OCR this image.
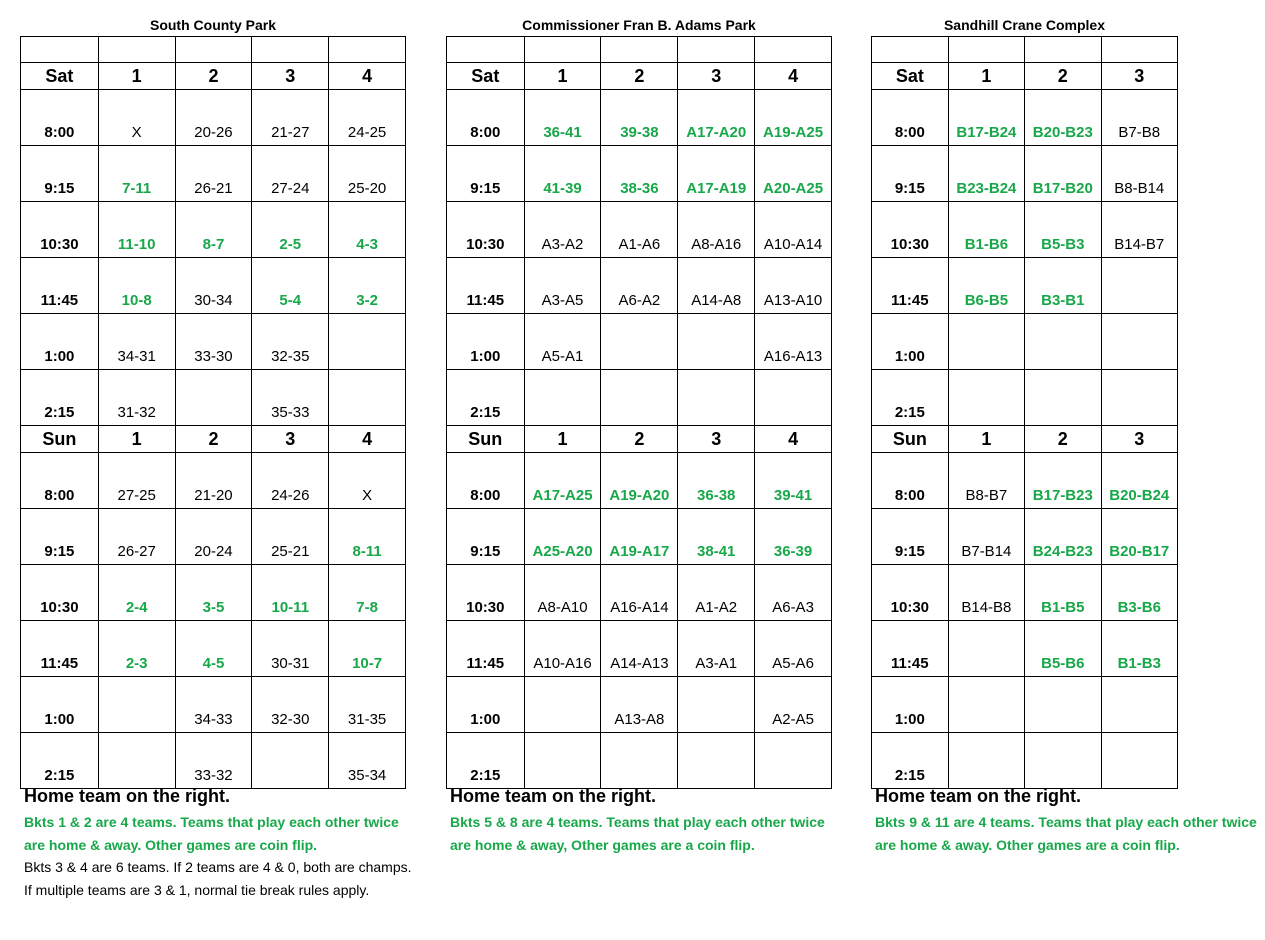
South County Park

Sat	1	2	3	4
8:00	X	20-26	21-27	24-25
9:15	7-11	26-21	27-24	25-20
10:30	11-10	8-7	2-5	4-3
11:45	10-8	30-34	5-4	3-2
1:00	34-31	33-30	32-35	
2:15	31-32		35-33	
Sun	1	2	3	4
8:00	27-25	21-20	24-26	X
9:15	26-27	20-24	25-21	8-11
10:30	2-4	3-5	10-11	7-8
11:45	2-3	4-5	30-31	10-7
1:00		34-33	32-30	31-35
2:15		33-32		35-34
Home team on the right.
Bkts 1 & 2 are 4 teams. Teams that play each other twice are home & away. Other games are coin flip.
Bkts 3 & 4 are 6 teams. If 2 teams are 4 & 0, both are champs. If multiple teams are 3 & 1, normal tie break rules apply.
Commissioner Fran B. Adams Park

Sat	1	2	3	4
8:00	36-41	39-38	A17-A20	A19-A25
9:15	41-39	38-36	A17-A19	A20-A25
10:30	A3-A2	A1-A6	A8-A16	A10-A14
11:45	A3-A5	A6-A2	A14-A8	A13-A10
1:00	A5-A1			A16-A13
2:15				
Sun	1	2	3	4
8:00	A17-A25	A19-A20	36-38	39-41
9:15	A25-A20	A19-A17	38-41	36-39
10:30	A8-A10	A16-A14	A1-A2	A6-A3
11:45	A10-A16	A14-A13	A3-A1	A5-A6
1:00		A13-A8		A2-A5
2:15				
Home team on the right.
Bkts 5 & 8 are 4 teams. Teams that play each other twice are home & away, Other games are a coin flip.
Sandhill Crane Complex

Sat	1	2	3
8:00	B17-B24	B20-B23	B7-B8
9:15	B23-B24	B17-B20	B8-B14
10:30	B1-B6	B5-B3	B14-B7
11:45	B6-B5	B3-B1	
1:00			
2:15			
Sun	1	2	3
8:00	B8-B7	B17-B23	B20-B24
9:15	B7-B14	B24-B23	B20-B17
10:30	B14-B8	B1-B5	B3-B6
11:45		B5-B6	B1-B3
1:00			
2:15			
Home team on the right.
Bkts 9 & 11 are 4 teams. Teams that play each other twice are home & away. Other games are a coin flip.
